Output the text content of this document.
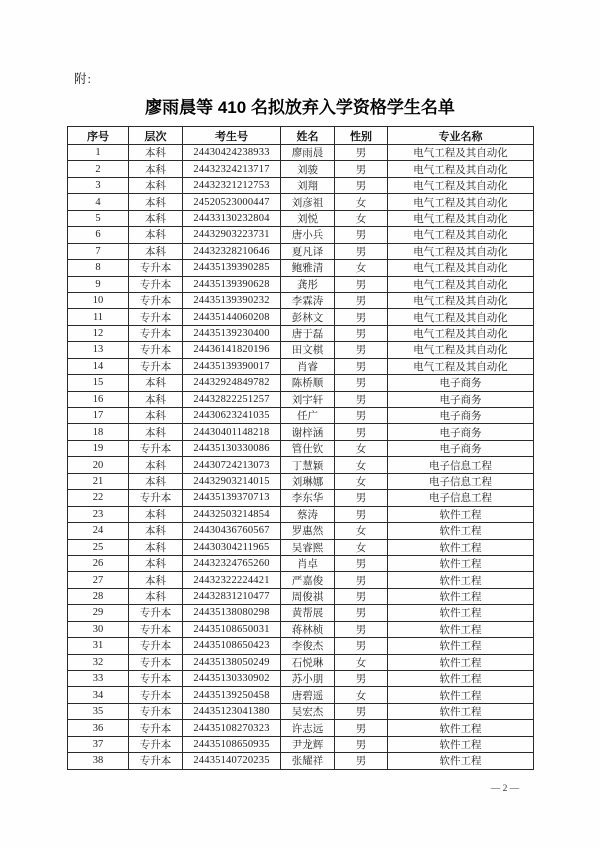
附:
廖雨晨等 410 名拟放弃入学资格学生名单
序号	层次	考生号	姓名	性别	专业名称
1	本科	24430424238933	廖雨晨	男	电气工程及其自动化
2	本科	24432324213717	刘骏	男	电气工程及其自动化
3	本科	24432321212753	刘翔	男	电气工程及其自动化
4	本科	24520523000447	刘彦祖	女	电气工程及其自动化
5	本科	24433130232804	刘悦	女	电气工程及其自动化
6	本科	24432903223731	唐小兵	男	电气工程及其自动化
7	本科	24432328210646	夏凡译	男	电气工程及其自动化
8	专升本	24435139390285	鲍雅清	女	电气工程及其自动化
9	专升本	24435139390628	龚彤	男	电气工程及其自动化
10	专升本	24435139390232	李霖涛	男	电气工程及其自动化
11	专升本	24435144060208	彭林文	男	电气工程及其自动化
12	专升本	24435139230400	唐于磊	男	电气工程及其自动化
13	专升本	24436141820196	田文棋	男	电气工程及其自动化
14	专升本	24435139390017	肖睿	男	电气工程及其自动化
15	本科	24432924849782	陈桥顺	男	电子商务
16	本科	24432822251257	刘宇轩	男	电子商务
17	本科	24430623241035	任广	男	电子商务
18	本科	24430401148218	谢梓涵	男	电子商务
19	专升本	24435130330086	管仕钦	女	电子商务
20	本科	24430724213073	丁慧颖	女	电子信息工程
21	本科	24432903214015	刘琳娜	女	电子信息工程
22	专升本	24435139370713	李东华	男	电子信息工程
23	本科	24432503214854	蔡涛	男	软件工程
24	本科	24430436760567	罗惠然	女	软件工程
25	本科	24430304211965	吴睿熙	女	软件工程
26	本科	24432324765260	肖卓	男	软件工程
27	本科	24432322224421	严嘉俊	男	软件工程
28	本科	24432831210477	周俊祺	男	软件工程
29	专升本	24435138080298	黄帮展	男	软件工程
30	专升本	24435108650031	蒋林桢	男	软件工程
31	专升本	24435108650423	李俊杰	男	软件工程
32	专升本	24435138050249	石悦琳	女	软件工程
33	专升本	24435130330902	苏小朋	男	软件工程
34	专升本	24435139250458	唐碧遥	女	软件工程
35	专升本	24435123041380	吴宏杰	男	软件工程
36	专升本	24435108270323	许志远	男	软件工程
37	专升本	24435108650935	尹龙辉	男	软件工程
38	专升本	24435140720235	张耀祥	男	软件工程
— 2 —
